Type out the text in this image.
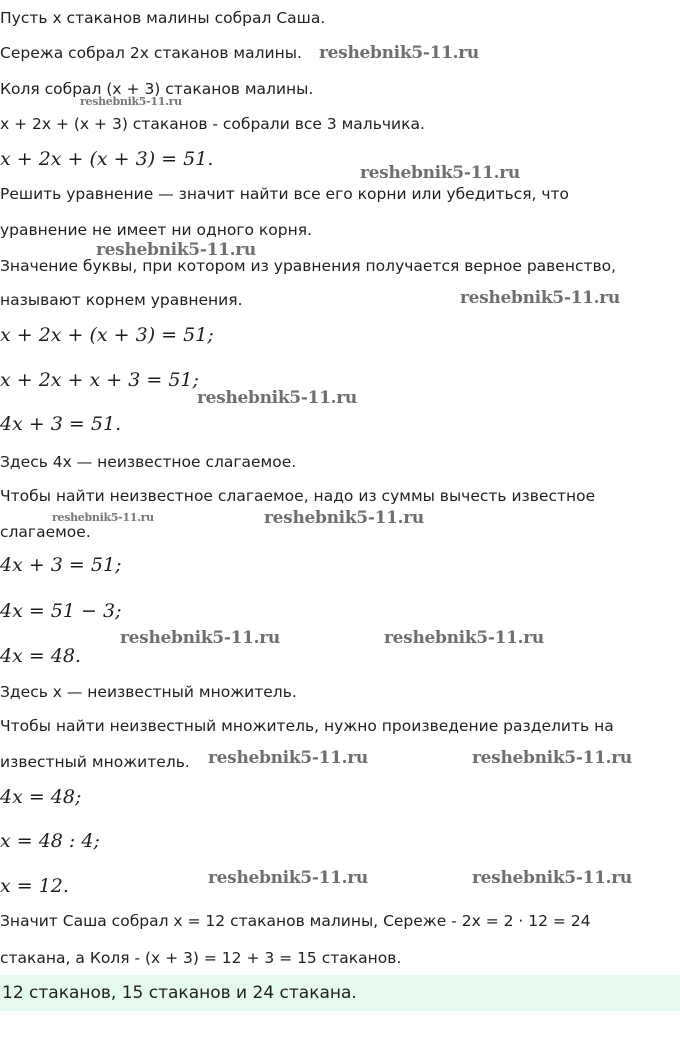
Пусть x стаканов малины собрал Саша.
Сережа собрал 2x стаканов малины.
Коля собрал (x + 3) стаканов малины.
x + 2x + (x + 3) стаканов - собрали все 3 мальчика.
x + 2x + (x + 3) = 51.
Решить уравнение — значит найти все его корни или убедиться, что
уравнение не имеет ни одного корня.
Значение буквы, при котором из уравнения получается верное равенство,
называют корнем уравнения.
x + 2x + (x + 3) = 51;
x + 2x + x + 3 = 51;
4x + 3 = 51.
Здесь 4x — неизвестное слагаемое.
Чтобы найти неизвестное слагаемое, надо из суммы вычесть известное
слагаемое.
4x + 3 = 51;
4x = 51 − 3;
4x = 48.
Здесь x — неизвестный множитель.
Чтобы найти неизвестный множитель, нужно произведение разделить на
известный множитель.
4x = 48;
x = 48 : 4;
x = 12.
Значит Саша собрал x = 12 стаканов малины, Сереже - 2x = 2 · 12 = 24
стакана, а Коля - (x + 3) = 12 + 3 = 15 стаканов.
12 стаканов, 15 стаканов и 24 стакана.
reshebnik5-11.ru
reshebnik5-11.ru
reshebnik5-11.ru
reshebnik5-11.ru
reshebnik5-11.ru
reshebnik5-11.ru
reshebnik5-11.ru	reshebnik5-11.ru
reshebnik5-11.ru	reshebnik5-11.ru
reshebnik5-11.ru	reshebnik5-11.ru
reshebnik5-11.ru	reshebnik5-11.ru
